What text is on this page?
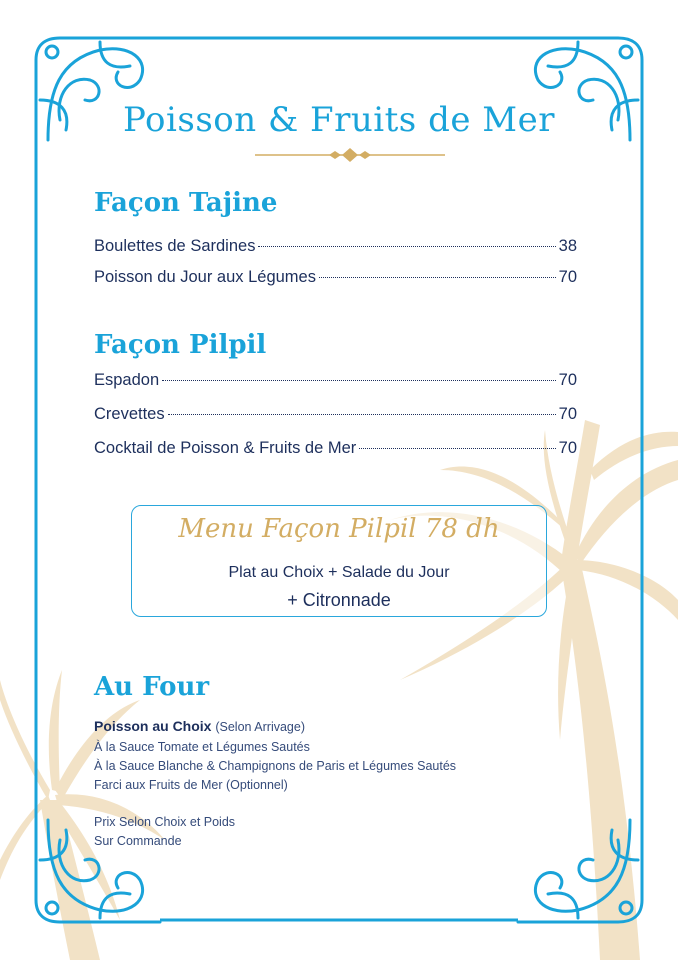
Poisson & Fruits de Mer
Façon Tajine
Boulettes de Sardines	38
Poisson du Jour aux Légumes	70
Façon Pilpil
Espadon	70
Crevettes	70
Cocktail de Poisson & Fruits de Mer	70
Menu Façon Pilpil 78 dh
Plat au Choix + Salade du Jour
+ Citronnade
Au Four
Poisson au Choix (Selon Arrivage)
À la Sauce Tomate et Légumes Sautés
À la Sauce Blanche & Champignons de Paris et Légumes Sautés
Farci aux Fruits de Mer (Optionnel)
Prix Selon Choix et Poids
Sur Commande
